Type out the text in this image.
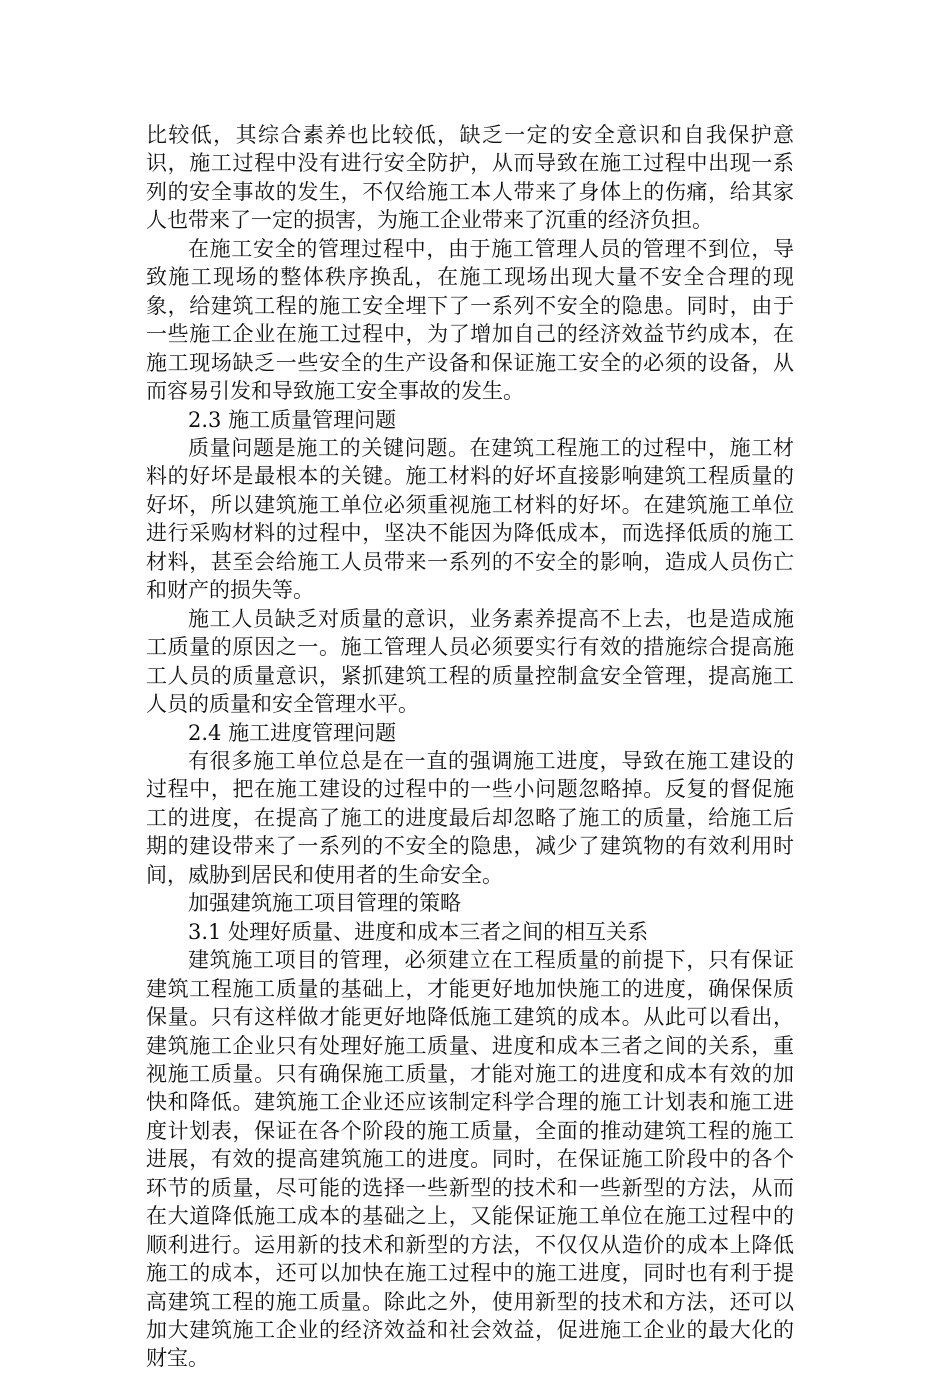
比较低，其综合素养也比较低，缺乏一定的安全意识和自我保护意识，施工过程中没有进行安全防护，从而导致在施工过程中出现一系列的安全事故的发生，不仅给施工本人带来了身体上的伤痛，给其家人也带来了一定的损害，为施工企业带来了沉重的经济负担。

在施工安全的管理过程中，由于施工管理人员的管理不到位，导致施工现场的整体秩序换乱，在施工现场出现大量不安全合理的现象，给建筑工程的施工安全埋下了一系列不安全的隐患。同时，由于一些施工企业在施工过程中，为了增加自己的经济效益节约成本，在施工现场缺乏一些安全的生产设备和保证施工安全的必须的设备，从而容易引发和导致施工安全事故的发生。

2.3 施工质量管理问题

质量问题是施工的关键问题。在建筑工程施工的过程中，施工材料的好坏是最根本的关键。施工材料的好坏直接影响建筑工程质量的好坏，所以建筑施工单位必须重视施工材料的好坏。在建筑施工单位进行采购材料的过程中，坚决不能因为降低成本，而选择低质的施工材料，甚至会给施工人员带来一系列的不安全的影响，造成人员伤亡和财产的损失等。

施工人员缺乏对质量的意识，业务素养提高不上去，也是造成施工质量的原因之一。施工管理人员必须要实行有效的措施综合提高施工人员的质量意识，紧抓建筑工程的质量控制盒安全管理，提高施工人员的质量和安全管理水平。

2.4 施工进度管理问题

有很多施工单位总是在一直的强调施工进度，导致在施工建设的过程中，把在施工建设的过程中的一些小问题忽略掉。反复的督促施工的进度，在提高了施工的进度最后却忽略了施工的质量，给施工后期的建设带来了一系列的不安全的隐患，减少了建筑物的有效利用时间，威胁到居民和使用者的生命安全。

加强建筑施工项目管理的策略

3.1 处理好质量、进度和成本三者之间的相互关系

建筑施工项目的管理，必须建立在工程质量的前提下，只有保证建筑工程施工质量的基础上，才能更好地加快施工的进度，确保保质保量。只有这样做才能更好地降低施工建筑的成本。从此可以看出，建筑施工企业只有处理好施工质量、进度和成本三者之间的关系，重视施工质量。只有确保施工质量，才能对施工的进度和成本有效的加快和降低。建筑施工企业还应该制定科学合理的施工计划表和施工进度计划表，保证在各个阶段的施工质量，全面的推动建筑工程的施工进展，有效的提高建筑施工的进度。同时，在保证施工阶段中的各个环节的质量，尽可能的选择一些新型的技术和一些新型的方法，从而在大道降低施工成本的基础之上，又能保证施工单位在施工过程中的顺利进行。运用新的技术和新型的方法，不仅仅从造价的成本上降低施工的成本，还可以加快在施工过程中的施工进度，同时也有利于提高建筑工程的施工质量。除此之外，使用新型的技术和方法，还可以加大建筑施工企业的经济效益和社会效益，促进施工企业的最大化的财宝。
